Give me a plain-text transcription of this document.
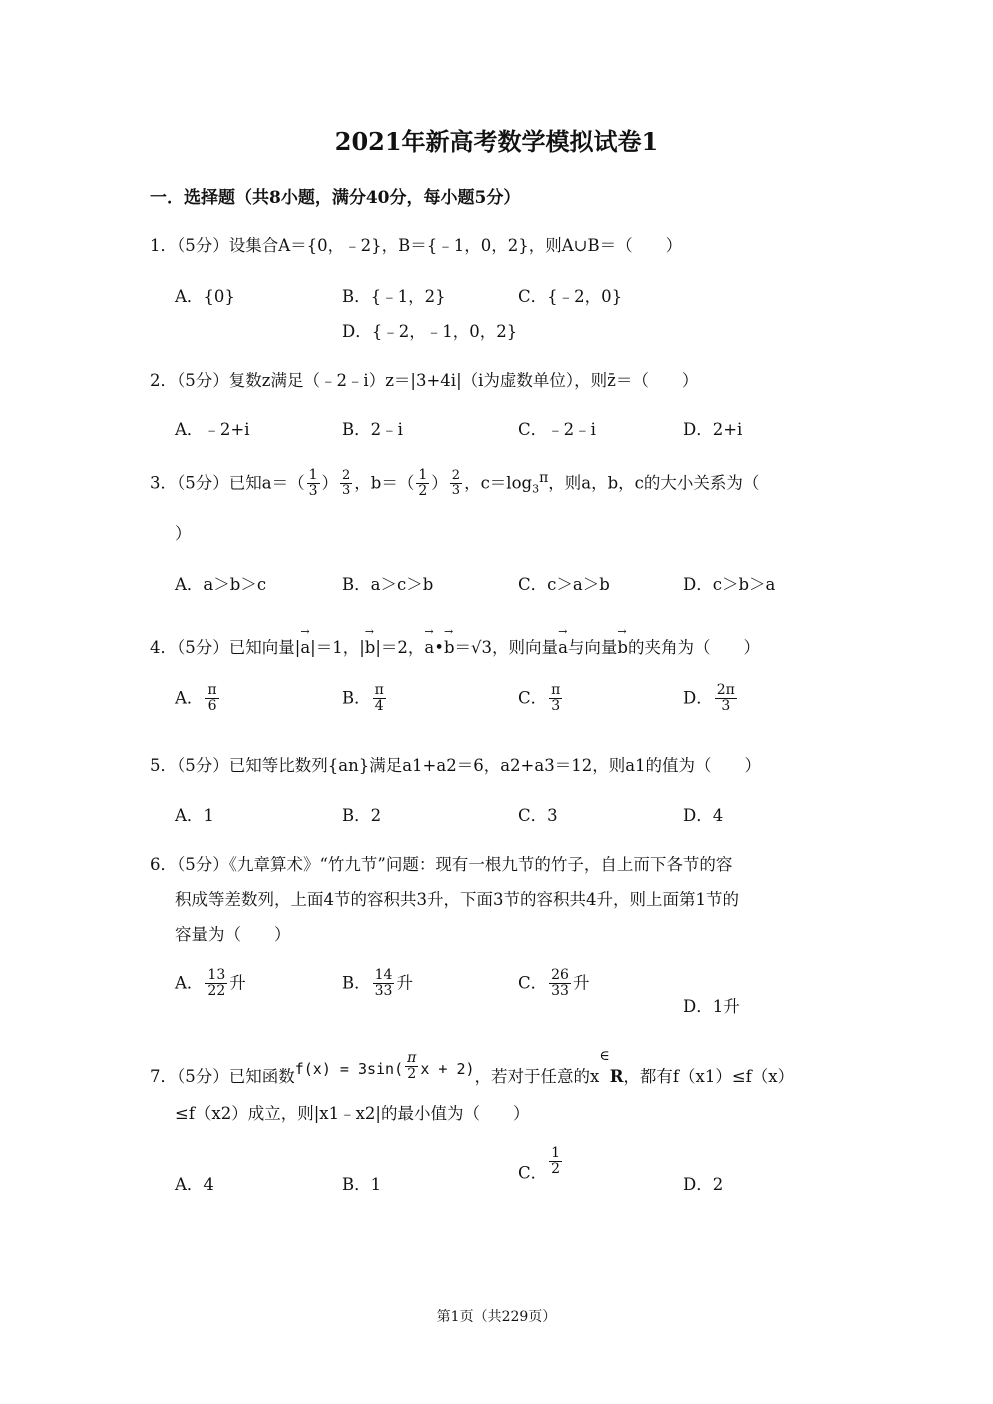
2021年新高考数学模拟试卷1
一．选择题（共8小题，满分40分，每小题5分）
1．（5分）设集合A＝{0，﹣2}，B＝{﹣1，0，2}，则A∪B＝（　　）
A．{0}	B．{﹣1，2}	C．{﹣2，0}
D．{﹣2，﹣1，0，2}
2．（5分）复数z满足（﹣2﹣i）z＝|3+4i|（i为虚数单位），则z̄＝（　　）
A．﹣2+i	B．2﹣i	C．﹣2﹣i	D．2+i
3．（5分）已知$a=( \frac{1}{3}$ ） $\frac{2}{3}$ ，$b=( \frac{1}{2}$ ） $\frac{2}{3}$ ，$c=\log_3^\pi$，则a，b，c的大小关系为（
）
A．a＞b＞c	B．a＞c＞b	C．c＞a＞b	D．c＞b＞a
4．（5分）已知向量|→ a|＝1，|→ b|＝2，→ a•→ b＝√3，则向量→ a与向量→ b的夹角为（　　）
A． $\frac{\pi}{6}$	B． $\frac{\pi}{4}$	C． $\frac{\pi}{3}$	D． $\frac{2\pi}{3}$
5．（5分）已知等比数列{an}满足a1+a2＝6，a2+a3＝12，则a1的值为（　　）
A．1	B．2	C．3	D．4
6．（5分）《九章算术》“竹九节”问题：现有一根九节的竹子，自上而下各节的容
积成等差数列，上面4节的容积共3升，下面3节的容积共4升，则上面第1节的
容量为（　　）
A． $\frac{13}{22}$ 升	B． $\frac{14}{33}$ 升	C． $\frac{26}{33}$ 升
D．1升
7．（5分）已知函数$f(x) = 3\sin( \frac{\pi}{2}$ x + 2)，若对于任意的x∈R，都有f（x1）≤f（x）
≤f（x2）成立，则|x1﹣x2|的最小值为（　　）
A．4	B．1
C． $\frac{1}{2}$
D．2
第1页（共229页）
